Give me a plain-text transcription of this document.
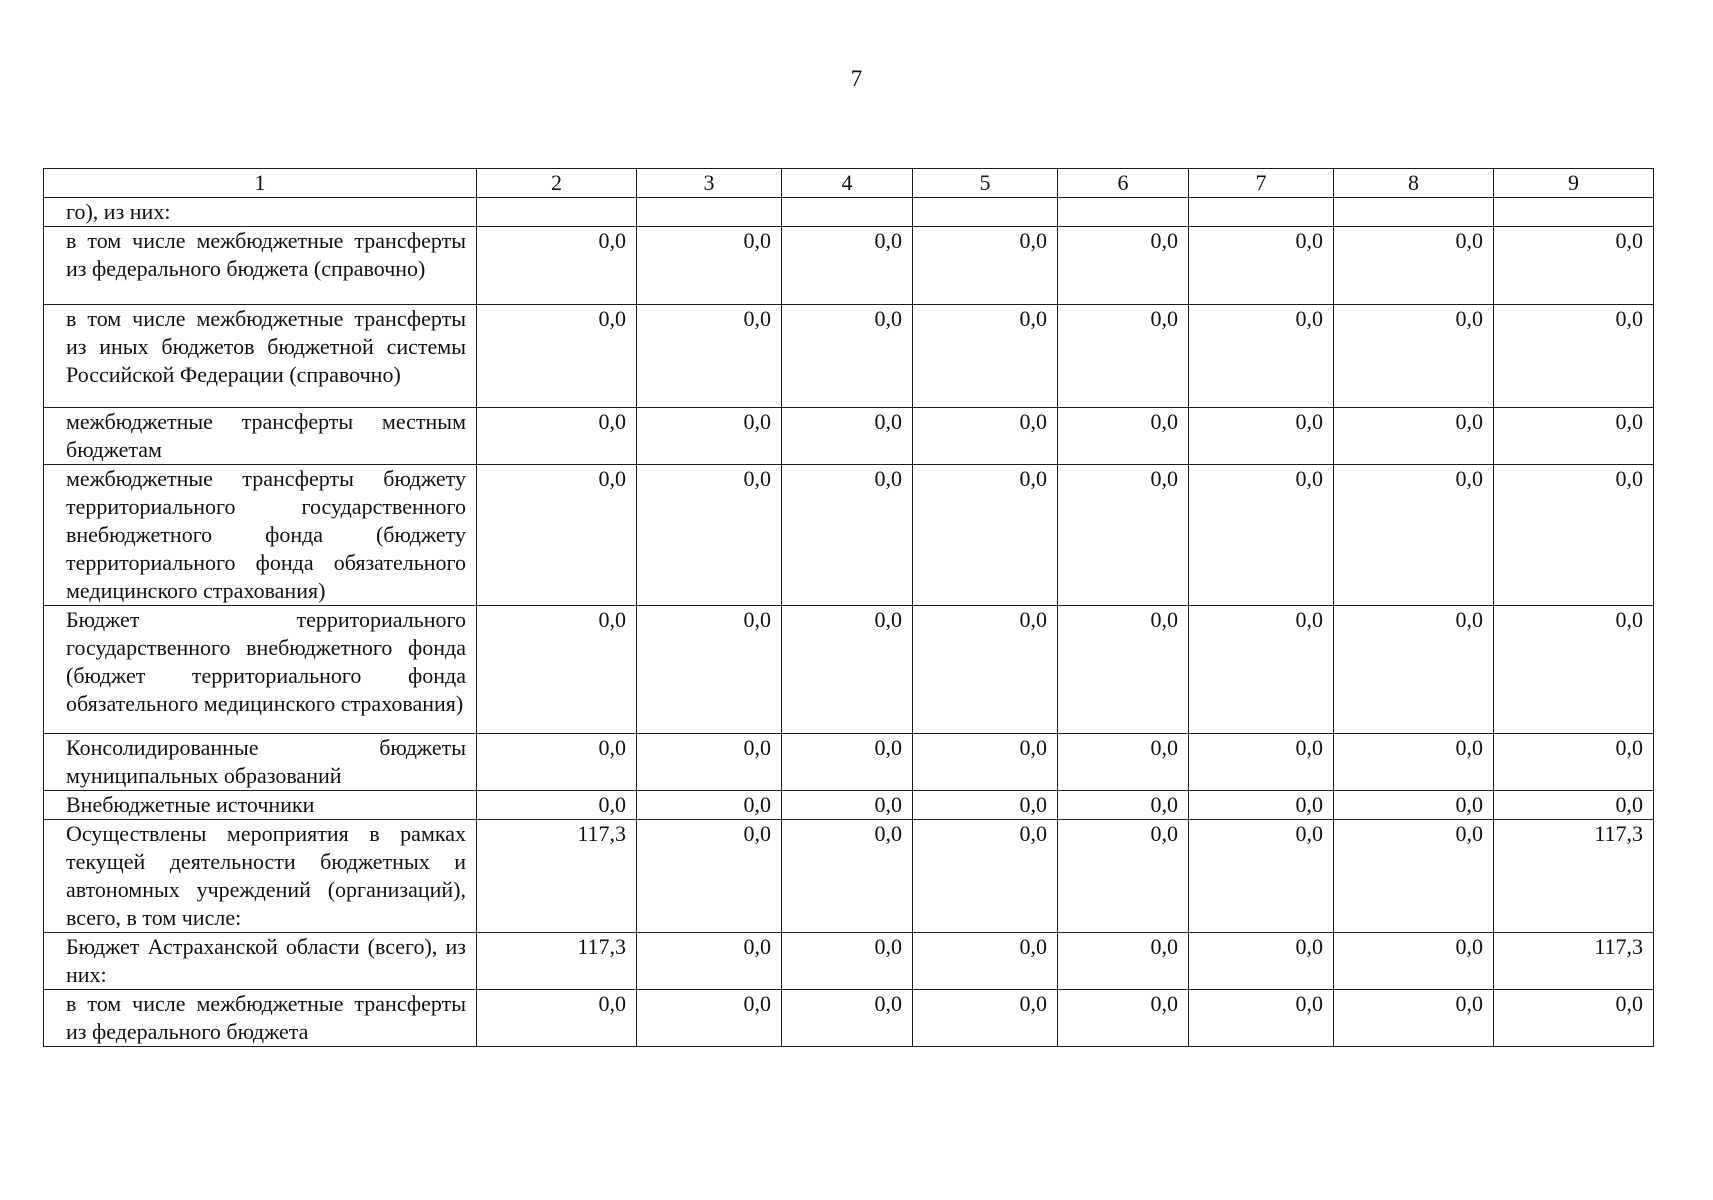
7
1	2	3	4	5	6	7	8	9
го), из них:								
в том числе межбюджетные трансферты из федерального бюджета (справочно)	0,0	0,0	0,0	0,0	0,0	0,0	0,0	0,0
в том числе межбюджетные трансферты из иных бюджетов бюджетной системы Российской Федерации (справочно)	0,0	0,0	0,0	0,0	0,0	0,0	0,0	0,0
межбюджетные трансферты местным бюджетам	0,0	0,0	0,0	0,0	0,0	0,0	0,0	0,0
межбюджетные трансферты бюджету территориального государственного внебюджетного фонда (бюджету территориального фонда обязательного медицинского страхования)	0,0	0,0	0,0	0,0	0,0	0,0	0,0	0,0
Бюджет территориального государственного внебюджетного фонда (бюджет территориального фонда обязательного медицинского страхования)	0,0	0,0	0,0	0,0	0,0	0,0	0,0	0,0
Консолидированные бюджеты муниципальных образований	0,0	0,0	0,0	0,0	0,0	0,0	0,0	0,0
Внебюджетные источники	0,0	0,0	0,0	0,0	0,0	0,0	0,0	0,0
Осуществлены мероприятия в рамках текущей деятельности бюджетных и автономных учреждений (организаций), всего, в том числе:	117,3	0,0	0,0	0,0	0,0	0,0	0,0	117,3
Бюджет Астраханской области (всего), из них:	117,3	0,0	0,0	0,0	0,0	0,0	0,0	117,3
в том числе межбюджетные трансферты из федерального бюджета	0,0	0,0	0,0	0,0	0,0	0,0	0,0	0,0
